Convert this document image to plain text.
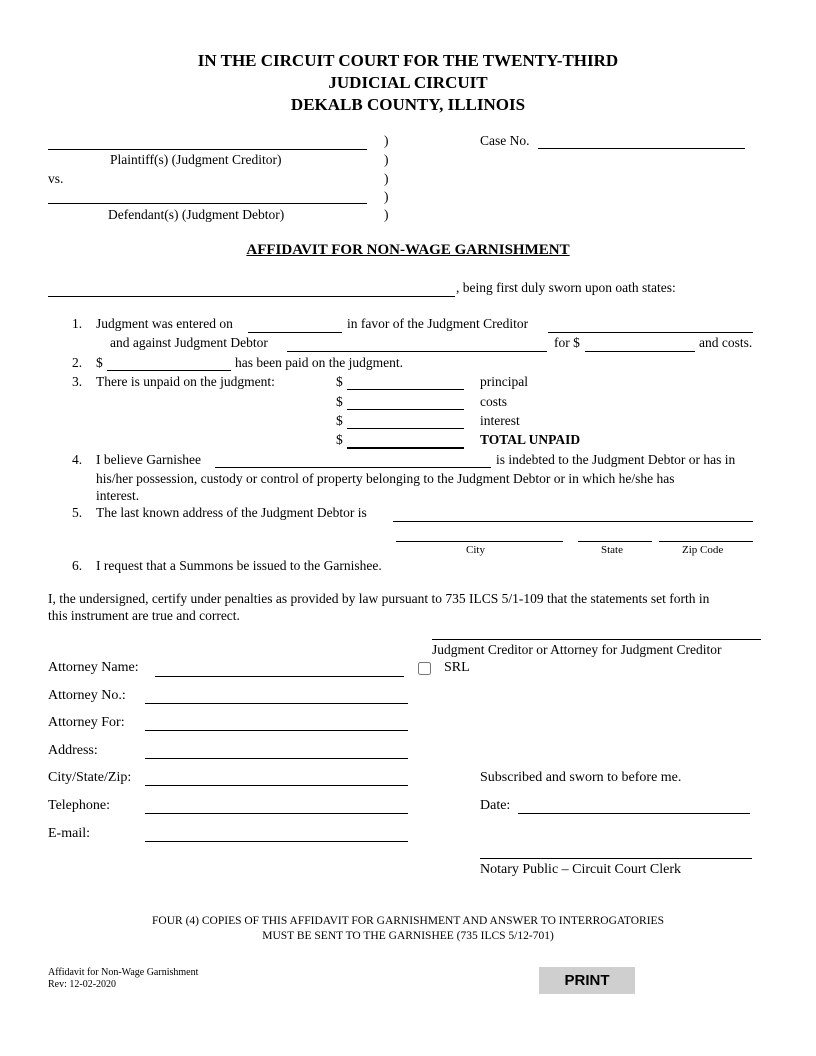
IN THE CIRCUIT COURT FOR THE TWENTY-THIRD
JUDICIAL CIRCUIT
DEKALB COUNTY, ILLINOIS
Plaintiff(s) (Judgment Creditor)
vs.
Defendant(s) (Judgment Debtor)
)
)
)
)
)
Case No.
AFFIDAVIT FOR NON-WAGE GARNISHMENT
, being first duly sworn upon oath states:
1. Judgment was entered on	in favor of the Judgment Creditor
and against Judgment Debtor	for $	and costs.
2. $	has been paid on the judgment.
3. There is unpaid on the judgment:	$	principal
$	costs
$	interest
$	TOTAL UNPAID
4. I believe Garnishee	is indebted to the Judgment Debtor or has in
his/her possession, custody or control of property belonging to the Judgment Debtor or in which he/she has
interest.
5. The last known address of the Judgment Debtor is
City	State	Zip Code
6. I request that a Summons be issued to the Garnishee.
I, the undersigned, certify under penalties as provided by law pursuant to 735 ILCS 5/1-109 that the statements set forth in
this instrument are true and correct.
Judgment Creditor or Attorney for Judgment Creditor
Attorney Name:	SRL
Attorney No.:
Attorney For:
Address:
City/State/Zip:
Telephone:
E-mail:
Subscribed and sworn to before me.
Date:
Notary Public – Circuit Court Clerk
FOUR (4) COPIES OF THIS AFFIDAVIT FOR GARNISHMENT AND ANSWER TO INTERROGATORIES
MUST BE SENT TO THE GARNISHEE (735 ILCS 5/12-701)
Affidavit for Non-Wage Garnishment
Rev: 12-02-2020	PRINT
